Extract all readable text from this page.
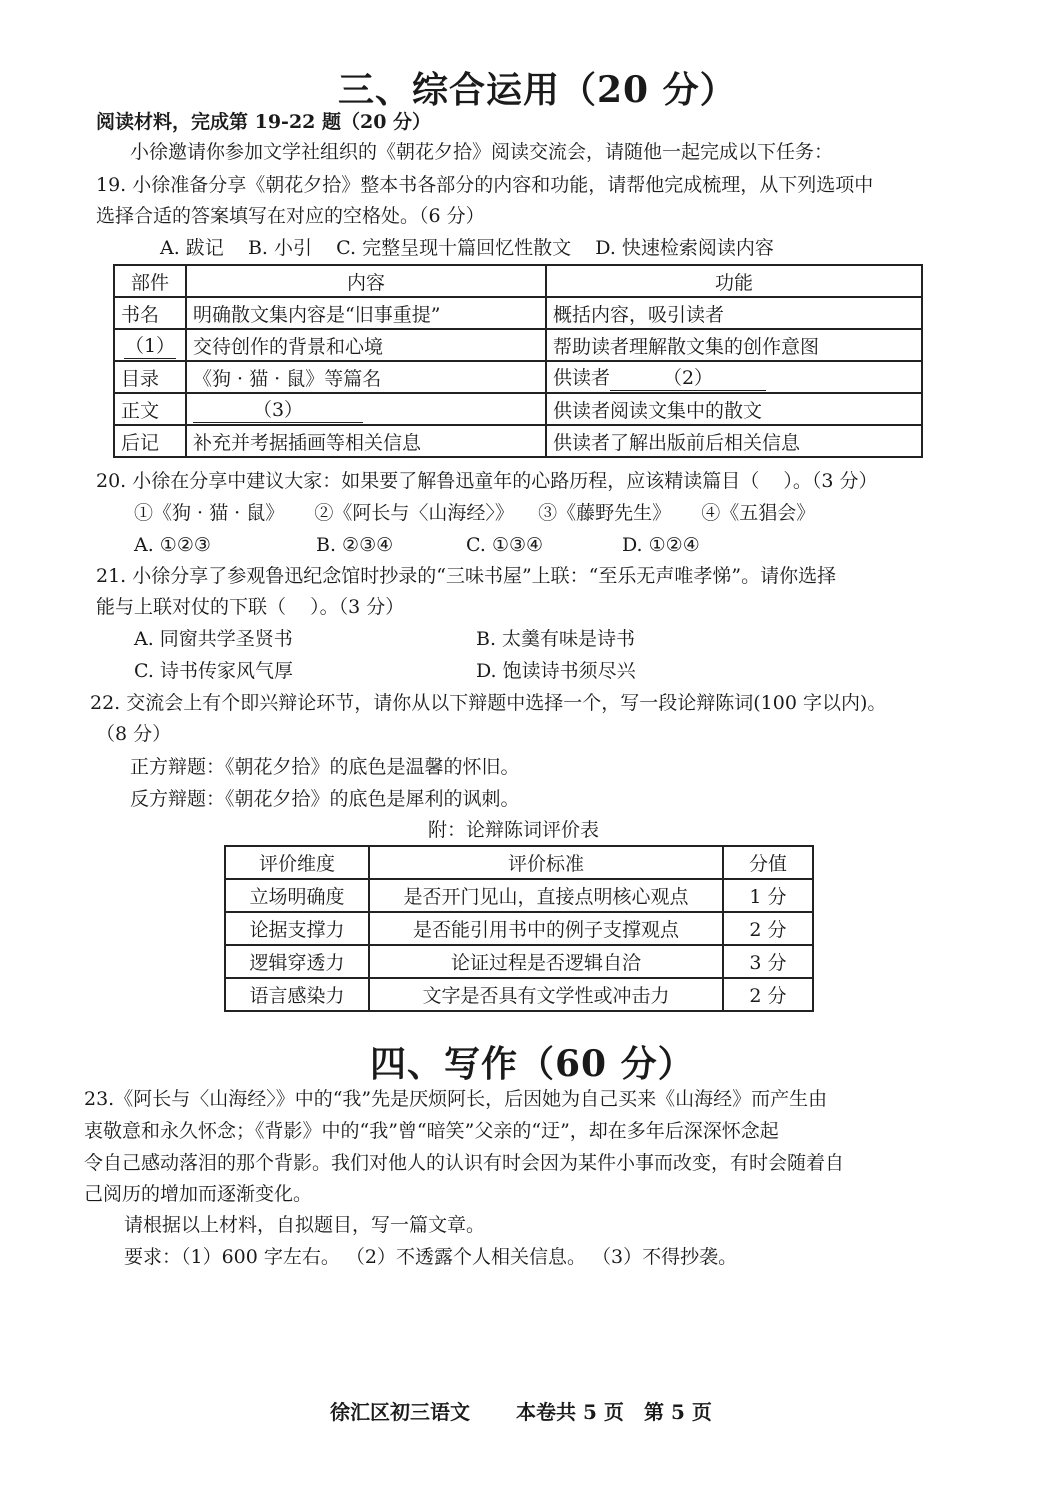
三、综合运用（20 分）
阅读材料，完成第 19-22 题（20 分）
小徐邀请你参加文学社组织的《朝花夕拾》阅读交流会，请随他一起完成以下任务：
19. 小徐准备分享《朝花夕拾》整本书各部分的内容和功能，请帮他完成梳理，从下列选项中
选择合适的答案填写在对应的空格处。（6 分）
A. 跋记    B. 小引    C. 完整呈现十篇回忆性散文    D. 快速检索阅读内容
部件	内容	功能
书名	明确散文集内容是“旧事重提”	概括内容，吸引读者
（1）	交待创作的背景和心境	帮助读者理解散文集的创作意图
目录	《狗 · 猫 · 鼠》等篇名	供读者 （2）
正文	（3）	供读者阅读文集中的散文
后记	补充并考据插画等相关信息	供读者了解出版前后相关信息
20. 小徐在分享中建议大家：如果要了解鲁迅童年的心路历程，应该精读篇目（    ）。（3 分）
①《狗 · 猫 · 鼠》     ②《阿长与〈山海经〉》    ③《藤野先生》     ④《五猖会》
A. ①②③	B. ②③④	C. ①③④	D. ①②④
21. 小徐分享了参观鲁迅纪念馆时抄录的“三味书屋”上联：“至乐无声唯孝悌”。请你选择
能与上联对仗的下联（    ）。（3 分）
A. 同窗共学圣贤书	B. 太羹有味是诗书
C. 诗书传家风气厚	D. 饱读诗书须尽兴
22. 交流会上有个即兴辩论环节，请你从以下辩题中选择一个，写一段论辩陈词(100 字以内)。
（8 分）
正方辩题：《朝花夕拾》的底色是温馨的怀旧。
反方辩题：《朝花夕拾》的底色是犀利的讽刺。
附：论辩陈词评价表
评价维度	评价标准	分值
立场明确度	是否开门见山，直接点明核心观点	1 分
论据支撑力	是否能引用书中的例子支撑观点	2 分
逻辑穿透力	论证过程是否逻辑自洽	3 分
语言感染力	文字是否具有文学性或冲击力	2 分
四、写作（60 分）
23.《阿长与〈山海经〉》中的“我”先是厌烦阿长，后因她为自己买来《山海经》而产生由
衷敬意和永久怀念；《背影》中的“我”曾“暗笑”父亲的“迂”，却在多年后深深怀念起
令自己感动落泪的那个背影。我们对他人的认识有时会因为某件小事而改变，有时会随着自
己阅历的增加而逐渐变化。
请根据以上材料，自拟题目，写一篇文章。
要求：（1）600 字左右。 （2）不透露个人相关信息。 （3）不得抄袭。
徐汇区初三语文 本卷共 5 页 第 5 页
